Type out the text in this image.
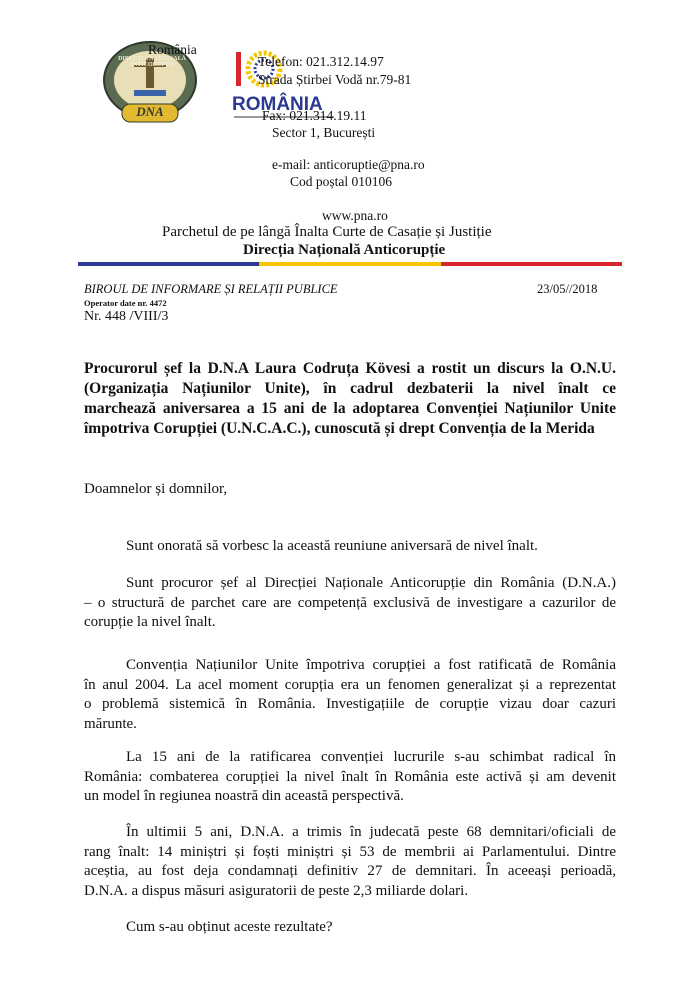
România
DIRECȚIA NAȚIONALĂ ANTICORUPȚIE
DNA	ROMÂNIA
Telefon: 021.312.14.97
Strada Știrbei Vodă nr.79-81
Fax: 021.314.19.11
Sector 1, București
e-mail: anticoruptie@pna.ro
Cod poștal 010106
www.pna.ro
Parchetul de pe lângă Înalta Curte de Casație și Justiție
Direcția Națională Anticorupție
BIROUL DE INFORMARE ȘI RELAȚII PUBLICE	23/05//2018
Operator date nr. 4472
Nr. 448 /VIII/3
Procurorul șef la D.N.A Laura Codruța Kövesi a rostit un discurs la O.N.U.
(Organizația Națiunilor Unite), în cadrul dezbaterii la nivel înalt ce
marchează aniversarea a 15 ani de la adoptarea Convenției Națiunilor Unite
împotriva Corupției (U.N.C.A.C.), cunoscută și drept Convenția de la Merida
Doamnelor și domnilor,
Sunt onorată să vorbesc la această reuniune aniversară de nivel înalt.
Sunt procuror șef al Direcției Naționale Anticorupție din România (D.N.A.)
– o structură de parchet care are competență exclusivă de investigare a cazurilor de
corupție la nivel înalt.
Convenția Națiunilor Unite împotriva corupției a fost ratificată de România
în anul 2004. La acel moment corupția era un fenomen generalizat și a reprezentat
o problemă sistemică în România. Investigațiile de corupție vizau doar cazuri
mărunte.
La 15 ani de la ratificarea convenției lucrurile s-au schimbat radical în
România: combaterea corupției la nivel înalt în România este activă și am devenit
un model în regiunea noastră din această perspectivă.
În ultimii 5 ani, D.N.A. a trimis în judecată peste 68 demnitari/oficiali de
rang înalt: 14 miniștri și foști miniștri și 53 de membrii ai Parlamentului. Dintre
aceștia, au fost deja condamnați definitiv 27 de demnitari. În aceeași perioadă,
D.N.A. a dispus măsuri asiguratorii de peste 2,3 miliarde dolari.
Cum s-au obținut aceste rezultate?
